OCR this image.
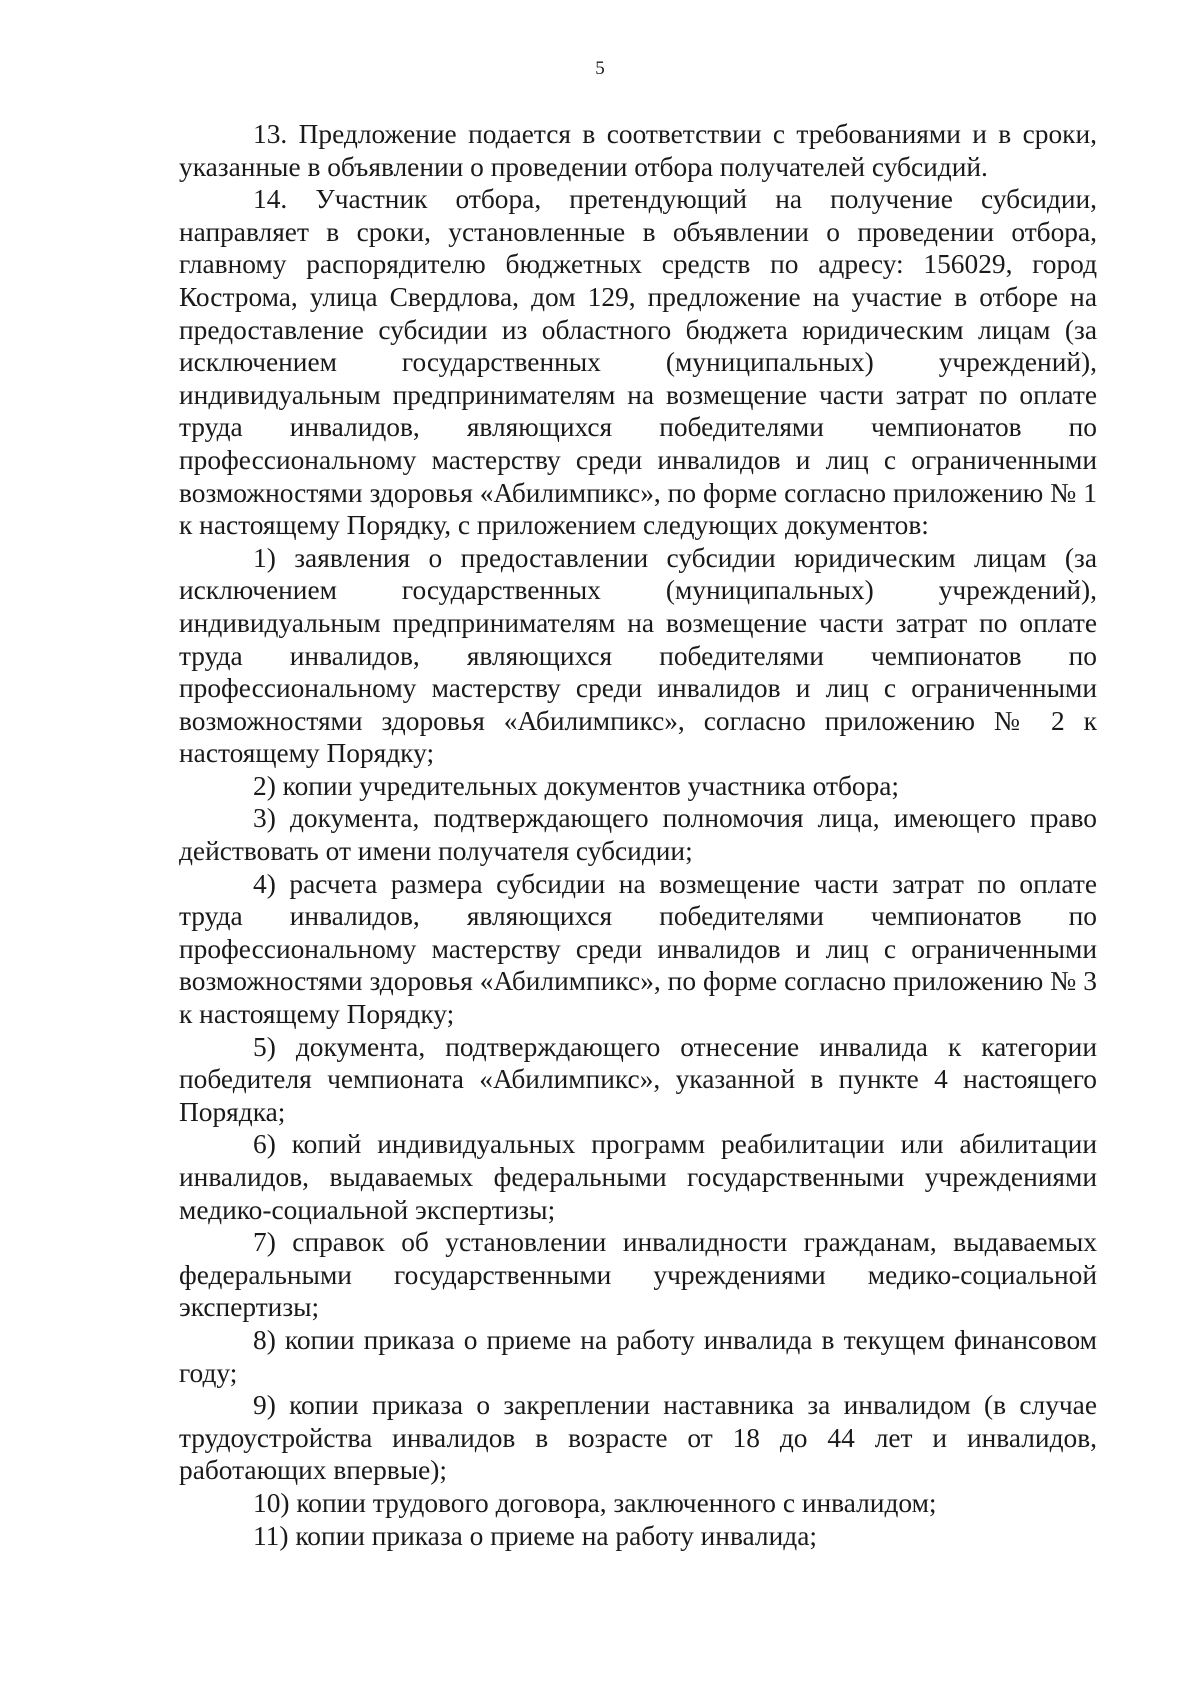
5

13. Предложение подается в соответствии с требованиями и в сроки, указанные в объявлении о проведении отбора получателей субсидий.

14. Участник отбора, претендующий на получение субсидии, направляет в сроки, установленные в объявлении о проведении отбора, главному распорядителю бюджетных средств по адресу: 156029, город Кострома, улица Свердлова, дом 129, предложение на участие в отборе на предоставление субсидии из областного бюджета юридическим лицам (за исключением государственных (муниципальных) учреждений), индивидуальным предпринимателям на возмещение части затрат по оплате труда инвалидов, являющихся победителями чемпионатов по профессиональному мастерству среди инвалидов и лиц с ограниченными возможностями здоровья «Абилимпикс», по форме согласно приложению № 1 к настоящему Порядку, с приложением следующих документов:

1) заявления о предоставлении субсидии юридическим лицам (за исключением государственных (муниципальных) учреждений), индивидуальным предпринимателям на возмещение части затрат по оплате труда инвалидов, являющихся победителями чемпионатов по профессиональному мастерству среди инвалидов и лиц с ограниченными возможностями здоровья «Абилимпикс», согласно приложению № 2 к настоящему Порядку;

2) копии учредительных документов участника отбора;

3) документа, подтверждающего полномочия лица, имеющего право действовать от имени получателя субсидии;

4) расчета размера субсидии на возмещение части затрат по оплате труда инвалидов, являющихся победителями чемпионатов по профессиональному мастерству среди инвалидов и лиц с ограниченными возможностями здоровья «Абилимпикс», по форме согласно приложению № 3 к настоящему Порядку;

5) документа, подтверждающего отнесение инвалида к категории победителя чемпионата «Абилимпикс», указанной в пункте 4 настоящего Порядка;

6) копий индивидуальных программ реабилитации или абилитации инвалидов, выдаваемых федеральными государственными учреждениями медико-социальной экспертизы;

7) справок об установлении инвалидности гражданам, выдаваемых федеральными государственными учреждениями медико-социальной экспертизы;

8) копии приказа о приеме на работу инвалида в текущем финансовом году;

9) копии приказа о закреплении наставника за инвалидом (в случае трудоустройства инвалидов в возрасте от 18 до 44 лет и инвалидов, работающих впервые);

10) копии трудового договора, заключенного с инвалидом;

11) копии приказа о приеме на работу инвалида;
